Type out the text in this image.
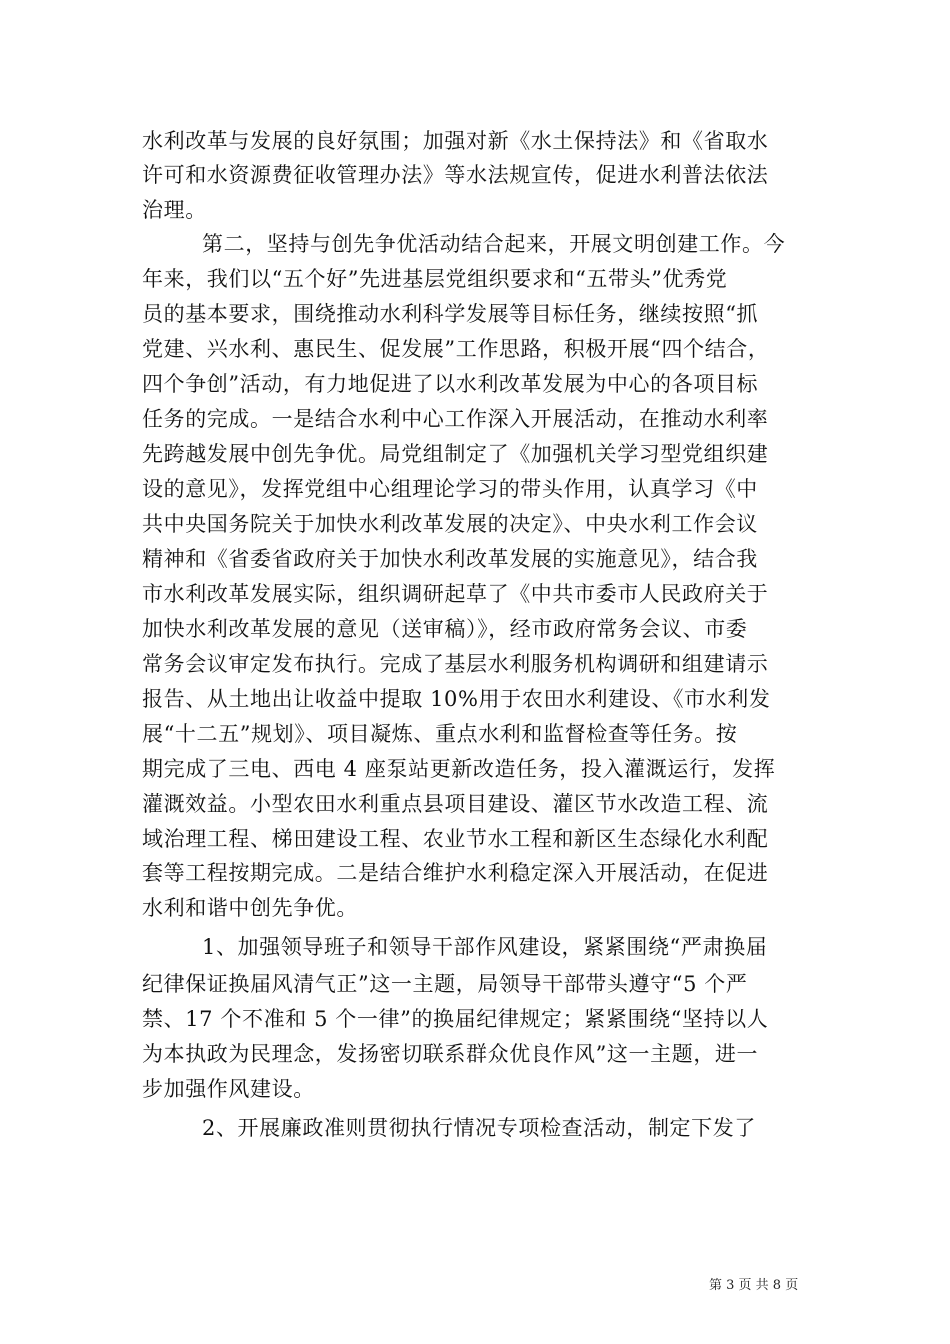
水利改革与发展的良好氛围；加强对新《水土保持法》和《省取水
许可和水资源费征收管理办法》等水法规宣传，促进水利普法依法
治理。
第二，坚持与创先争优活动结合起来，开展文明创建工作。今
年来，我们以“五个好”先进基层党组织要求和“五带头”优秀党
员的基本要求，围绕推动水利科学发展等目标任务，继续按照“抓
党建、兴水利、惠民生、促发展”工作思路，积极开展“四个结合，
四个争创”活动，有力地促进了以水利改革发展为中心的各项目标
任务的完成。一是结合水利中心工作深入开展活动，在推动水利率
先跨越发展中创先争优。局党组制定了《加强机关学习型党组织建
设的意见》，发挥党组中心组理论学习的带头作用，认真学习《中
共中央国务院关于加快水利改革发展的决定》、中央水利工作会议
精神和《省委省政府关于加快水利改革发展的实施意见》，结合我
市水利改革发展实际，组织调研起草了《中共市委市人民政府关于
加快水利改革发展的意见（送审稿）》，经市政府常务会议、市委
常务会议审定发布执行。完成了基层水利服务机构调研和组建请示
报告、从土地出让收益中提取 10%用于农田水利建设、《市水利发
展“十二五”规划》、项目凝炼、重点水利和监督检查等任务。按
期完成了三电、西电 4 座泵站更新改造任务，投入灌溉运行，发挥
灌溉效益。小型农田水利重点县项目建设、灌区节水改造工程、流
域治理工程、梯田建设工程、农业节水工程和新区生态绿化水利配
套等工程按期完成。二是结合维护水利稳定深入开展活动，在促进
水利和谐中创先争优。
1、加强领导班子和领导干部作风建设，紧紧围绕“严肃换届
纪律保证换届风清气正”这一主题，局领导干部带头遵守“5 个严
禁、17 个不准和 5 个一律”的换届纪律规定；紧紧围绕“坚持以人
为本执政为民理念，发扬密切联系群众优良作风”这一主题，进一
步加强作风建设。
2、开展廉政准则贯彻执行情况专项检查活动，制定下发了
第 3 页 共 8 页
